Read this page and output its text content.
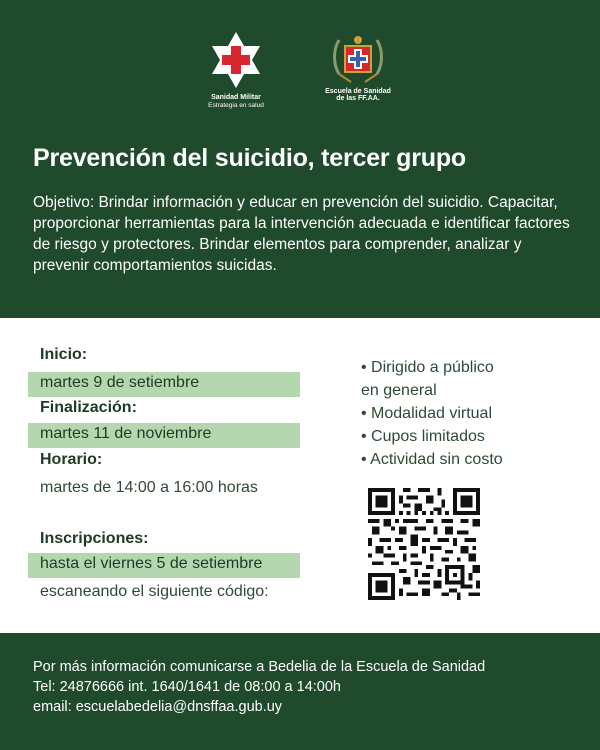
Sanidad Militar
Estrategia en salud
Escuela de Sanidad
de las FF.AA.
Prevención del suicidio, tercer grupo

Objetivo: Brindar información y educar en prevención del suicidio. Capacitar, proporcionar herramientas para la intervención adecuada e identificar factores de riesgo y protectores. Brindar elementos para comprender, analizar y prevenir comportamientos suicidas.

Inicio:
martes 9 de setiembre
Finalización:
martes 11 de noviembre
Horario:
martes de 14:00 a 16:00 horas
Inscripciones:
hasta el viernes 5 de setiembre
escaneando el siguiente código:
• Dirigido a público
en general
• Modalidad virtual
• Cupos limitados
• Actividad sin costo
Por más información comunicarse a Bedelia de la Escuela de Sanidad
Tel: 24876666 int. 1640/1641 de 08:00 a 14:00h
email: escuelabedelia@dnsffaa.gub.uy
